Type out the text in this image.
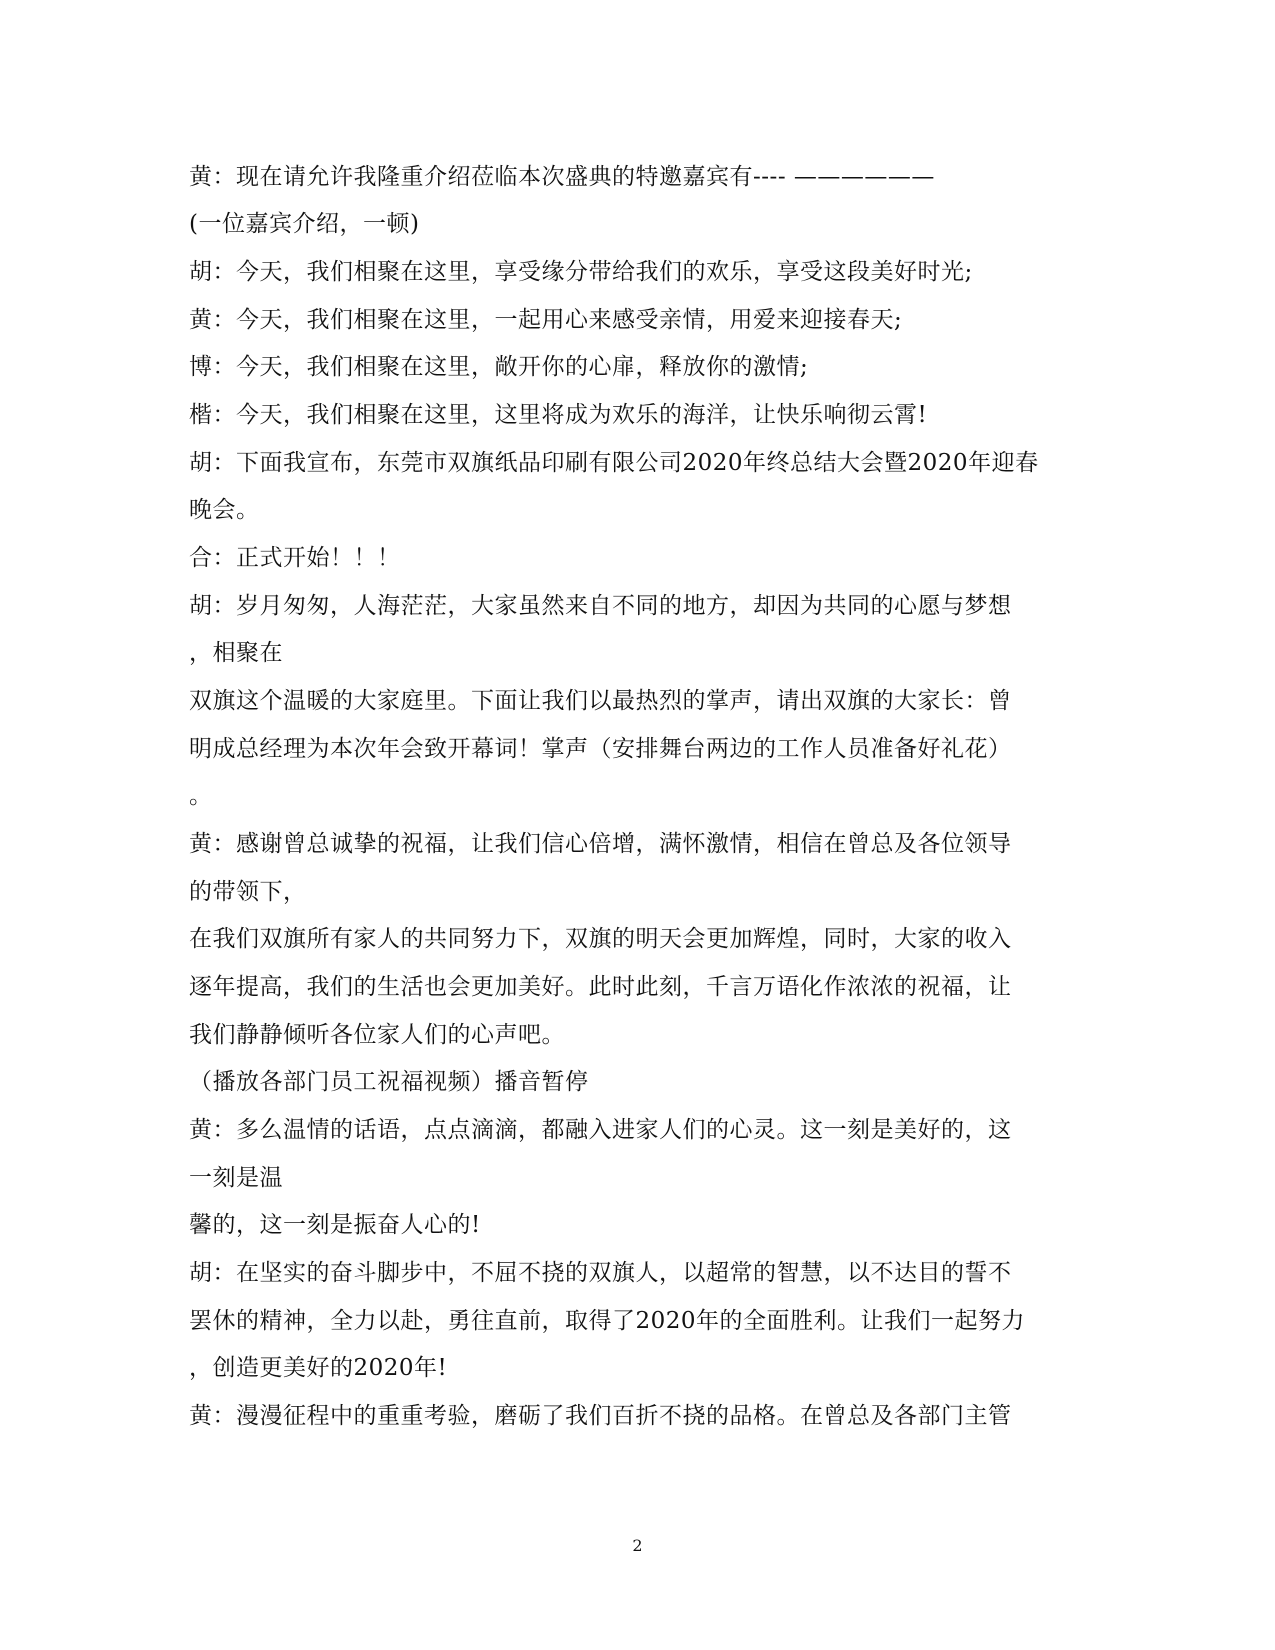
黄：现在请允许我隆重介绍莅临本次盛典的特邀嘉宾有---- ——————
(一位嘉宾介绍，一顿)
胡：今天，我们相聚在这里，享受缘分带给我们的欢乐，享受这段美好时光;
黄：今天，我们相聚在这里，一起用心来感受亲情，用爱来迎接春天;
博：今天，我们相聚在这里，敞开你的心扉，释放你的激情;
楷：今天，我们相聚在这里，这里将成为欢乐的海洋，让快乐响彻云霄!
胡：下面我宣布，东莞市双旗纸品印刷有限公司2020年终总结大会暨2020年迎春
晚会。
合：正式开始！！！
胡：岁月匆匆，人海茫茫，大家虽然来自不同的地方，却因为共同的心愿与梦想
，相聚在
双旗这个温暖的大家庭里。下面让我们以最热烈的掌声，请出双旗的大家长：曾
明成总经理为本次年会致开幕词！掌声（安排舞台两边的工作人员准备好礼花）
。
黄：感谢曾总诚挚的祝福，让我们信心倍增，满怀激情，相信在曾总及各位领导
的带领下，
在我们双旗所有家人的共同努力下，双旗的明天会更加辉煌，同时，大家的收入
逐年提高，我们的生活也会更加美好。此时此刻，千言万语化作浓浓的祝福，让
我们静静倾听各位家人们的心声吧。
（播放各部门员工祝福视频）播音暂停
黄：多么温情的话语，点点滴滴，都融入进家人们的心灵。这一刻是美好的，这
一刻是温
馨的，这一刻是振奋人心的!
胡：在坚实的奋斗脚步中，不屈不挠的双旗人，以超常的智慧，以不达目的誓不
罢休的精神，全力以赴，勇往直前，取得了2020年的全面胜利。让我们一起努力
，创造更美好的2020年!
黄：漫漫征程中的重重考验，磨砺了我们百折不挠的品格。在曾总及各部门主管
2
